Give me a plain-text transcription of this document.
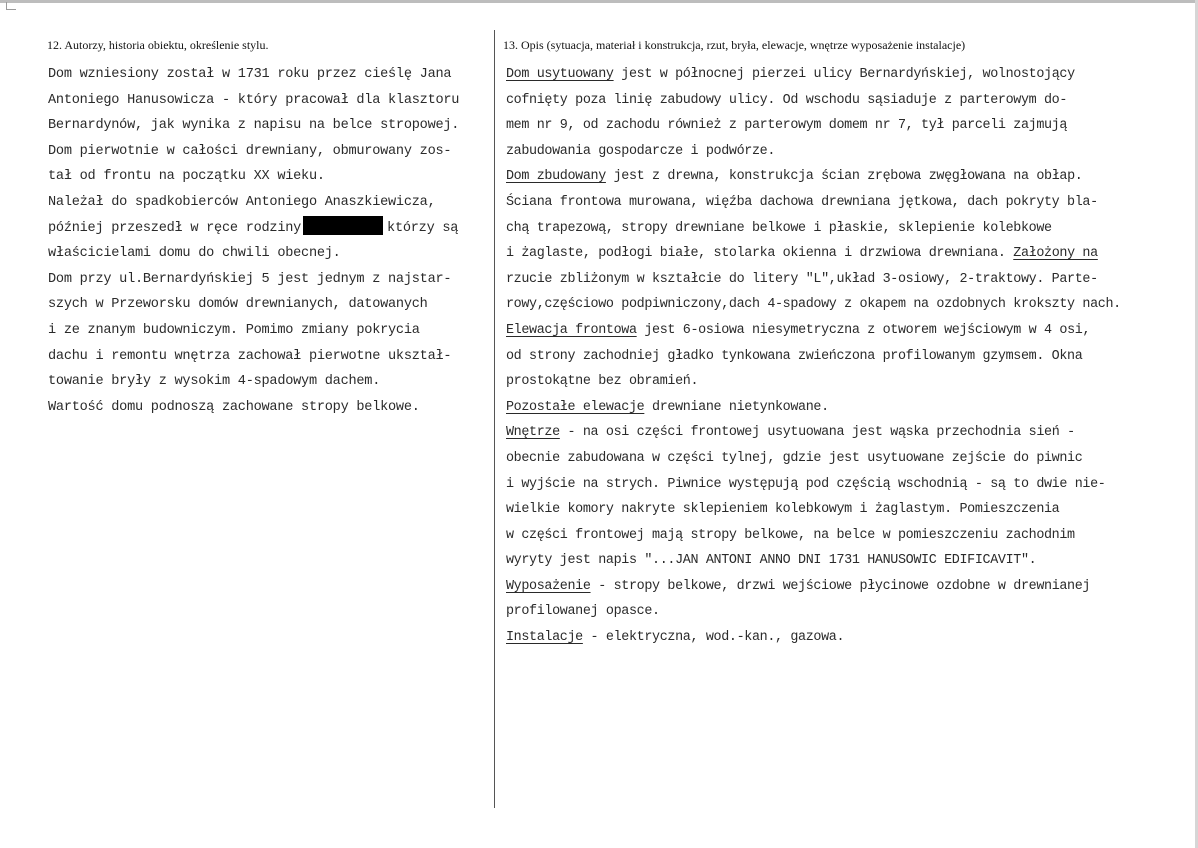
12. Autorzy, historia obiektu, określenie stylu.	13. Opis (sytuacja, materiał i konstrukcja, rzut, bryła, elewacje, wnętrze wyposażenie instalacje)
Dom wzniesiony został w 1731 roku przez cieślę Jana
Antoniego Hanusowicza - który pracował dla klasztoru
Bernardynów, jak wynika z napisu na belce stropowej.
Dom pierwotnie w całości drewniany, obmurowany zos-
tał od frontu na początku XX wieku.
Należał do spadkobierców Antoniego Anaszkiewicza,
później przeszedł w ręce rodziny	którzy są
właścicielami domu do chwili obecnej.
Dom przy ul.Bernardyńskiej 5 jest jednym z najstar-
szych w Przeworsku domów drewnianych, datowanych
i ze znanym budowniczym. Pomimo zmiany pokrycia
dachu i remontu wnętrza zachował pierwotne ukształ-
towanie bryły z wysokim 4-spadowym dachem.
Wartość domu podnoszą zachowane stropy belkowe.
Dom usytuowany jest w północnej pierzei ulicy Bernardyńskiej, wolnostojący
cofnięty poza linię zabudowy ulicy. Od wschodu sąsiaduje z parterowym do-
mem nr 9, od zachodu również z parterowym domem nr 7, tył parceli zajmują
zabudowania gospodarcze i podwórze.
Dom zbudowany jest z drewna, konstrukcja ścian zrębowa zwęgłowana na obłap.
Ściana frontowa murowana, więźba dachowa drewniana jętkowa, dach pokryty bla-
chą trapezową, stropy drewniane belkowe i płaskie, sklepienie kolebkowe
i żaglaste, podłogi białe, stolarka okienna i drzwiowa drewniana. Założony na
rzucie zbliżonym w kształcie do litery "L",układ 3-osiowy, 2-traktowy. Parte-
rowy,częściowo podpiwniczony,dach 4-spadowy z okapem na ozdobnych krokszty nach.
Elewacja frontowa jest 6-osiowa niesymetryczna z otworem wejściowym w 4 osi,
od strony zachodniej gładko tynkowana zwieńczona profilowanym gzymsem. Okna
prostokątne bez obramień.
Pozostałe elewacje drewniane nietynkowane.
Wnętrze - na osi części frontowej usytuowana jest wąska przechodnia sień -
obecnie zabudowana w części tylnej, gdzie jest usytuowane zejście do piwnic
i wyjście na strych. Piwnice występują pod częścią wschodnią - są to dwie nie-
wielkie komory nakryte sklepieniem kolebkowym i żaglastym. Pomieszczenia
w części frontowej mają stropy belkowe, na belce w pomieszczeniu zachodnim
wyryty jest napis "...JAN ANTONI ANNO DNI 1731 HANUSOWIC EDIFICAVIT".
Wyposażenie - stropy belkowe, drzwi wejściowe płycinowe ozdobne w drewnianej
profilowanej opasce.
Instalacje - elektryczna, wod.-kan., gazowa.
